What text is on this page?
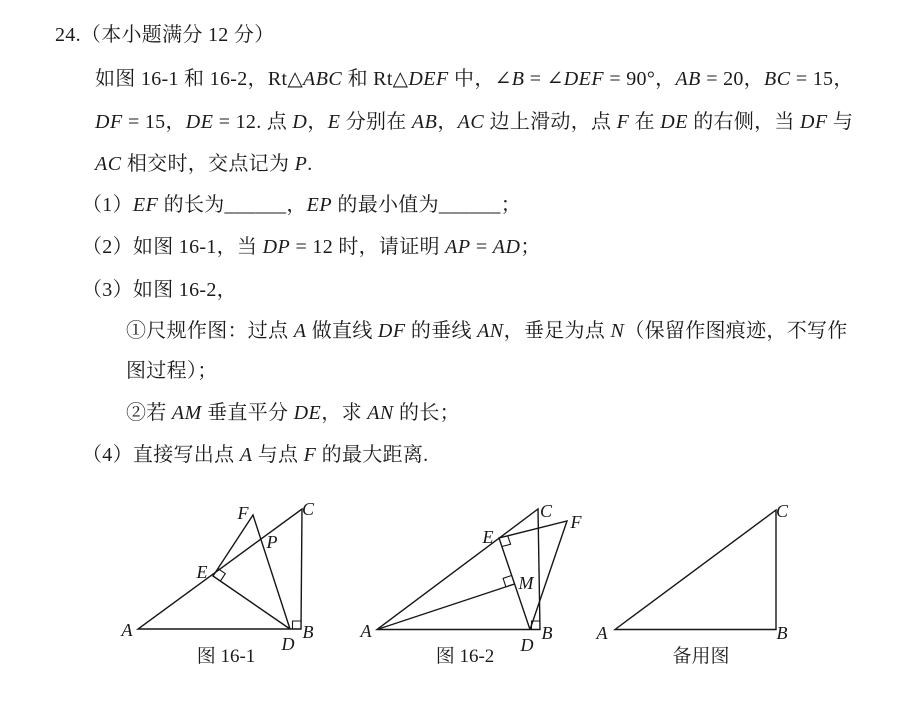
24.（本小题满分 12 分）
如图 16-1 和 16-2，Rt△ABC 和 Rt△DEF 中，∠B = ∠DEF = 90°，AB = 20，BC = 15，
DF = 15，DE = 12. 点 D，E 分别在 AB，AC 边上滑动，点 F 在 DE 的右侧，当 DF 与
AC 相交时，交点记为 P.
（1）EF 的长为______，EP 的最小值为______；
（2）如图 16-1，当 DP = 12 时，请证明 AP = AD；
（3）如图 16-2，
①尺规作图：过点 A 做直线 DF 的垂线 AN，垂足为点 N（保留作图痕迹，不写作
图过程）；
②若 AM 垂直平分 DE，求 AN 的长；
（4）直接写出点 A 与点 F 的最大距离.
A	B
C
D
E
F
P
图 16-1
A	B
C
D
E
F
M
图 16-2
A	B
C
备用图
